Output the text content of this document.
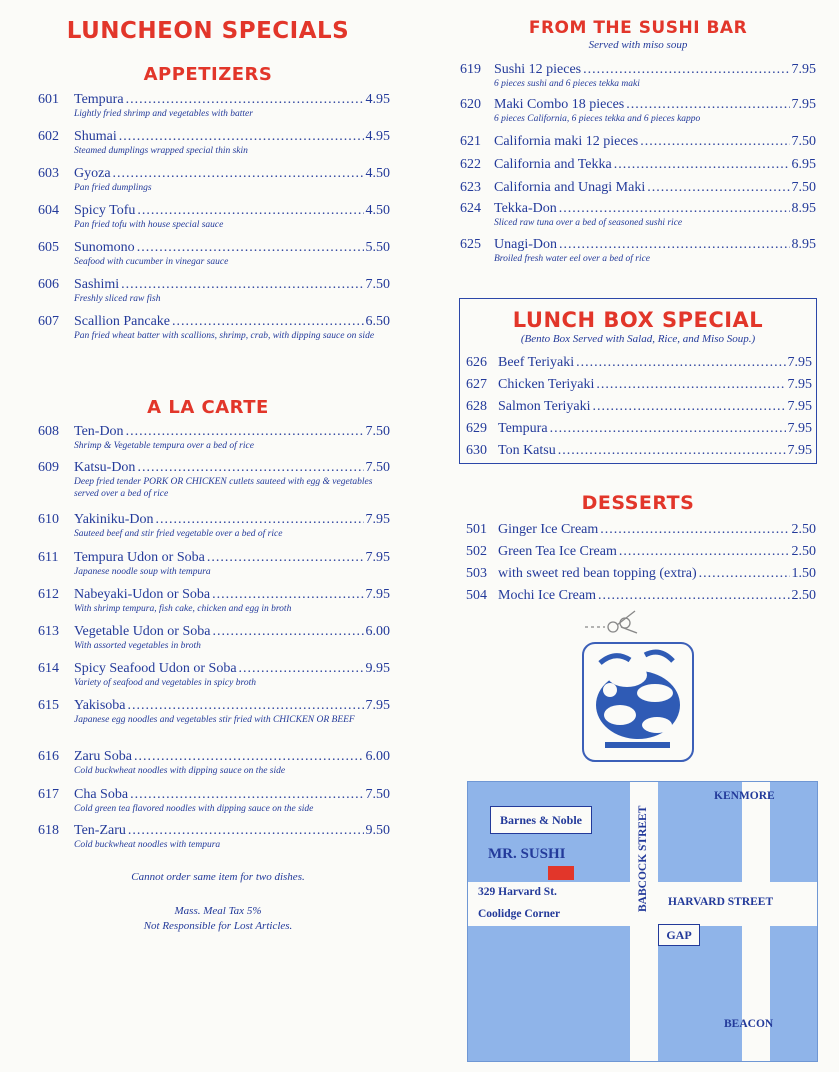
LUNCHEON SPECIALS
APPETIZERS
601	Tempura .....	4.95
Lightly fried shrimp and vegetables with batter
602	Shumai .....	4.95
Steamed dumplings wrapped special thin skin
603	Gyoza .....	4.50
Pan fried dumplings
604	Spicy Tofu .....	4.50
Pan fried tofu with house special sauce
605	Sunomono .....	5.50
Seafood with cucumber in vinegar sauce
606	Sashimi .....	7.50
Freshly sliced raw fish
607	Scallion Pancake .....	6.50
Pan fried wheat batter with scallions, shrimp, crab, with dipping sauce on side
A LA CARTE
608	Ten-Don .....	7.50
Shrimp & Vegetable tempura over a bed of rice
609	Katsu-Don .....	7.50
Deep fried tender PORK OR CHICKEN cutlets sauteed with egg & vegetables served over a bed of rice
610	Yakiniku-Don .....	7.95
Sauteed beef and stir fried vegetable over a bed of rice
611	Tempura Udon or Soba .....	7.95
Japanese noodle soup with tempura
612	Nabeyaki-Udon or Soba .....	7.95
With shrimp tempura, fish cake, chicken and egg in broth
613	Vegetable Udon or Soba .....	6.00
With assorted vegetables in broth
614	Spicy Seafood Udon or Soba .....	9.95
Variety of seafood and vegetables in spicy broth
615	Yakisoba .....	7.95
Japanese egg noodles and vegetables stir fried with CHICKEN OR BEEF
616	Zaru Soba .....	6.00
Cold buckwheat noodles with dipping sauce on the side
617	Cha Soba .....	7.50
Cold green tea flavored noodles with dipping sauce on the side
618	Ten-Zaru .....	9.50
Cold buckwheat noodles with tempura
Cannot order same item for two dishes.
Mass. Meal Tax 5%
Not Responsible for Lost Articles.
FROM THE SUSHI BAR
Served with miso soup
619 Sushi 12 pieces .....	7.95
6 pieces sushi and 6 pieces tekka maki
620 Maki Combo 18 pieces .....	7.95
6 pieces California, 6 pieces tekka and 6 pieces kappo
621 California maki 12 pieces .....	7.50
622 California and Tekka .....	6.95
623 California and Unagi Maki .....	7.50
624 Tekka-Don .....	8.95
Sliced raw tuna over a bed of seasoned sushi rice
625 Unagi-Don .....	8.95
Broiled fresh water eel over a bed of rice
LUNCH BOX SPECIAL
(Bento Box Served with Salad, Rice, and Miso Soup.)
626 Beef Teriyaki .....	7.95
627 Chicken Teriyaki .....	7.95
628 Salmon Teriyaki .....	7.95
629 Tempura .....	7.95
630 Ton Katsu .....	7.95
DESSERTS
501 Ginger Ice Cream .....	2.50
502 Green Tea Ice Cream .....	2.50
503 with sweet red bean topping (extra) .....	1.50
504 Mochi Ice Cream .....	2.50
Barnes & Noble
MR. SUSHI
329 Harvard St.
Coolidge Corner
BABCOCK STREET
KENMORE
HARVARD STREET
GAP
BEACON
